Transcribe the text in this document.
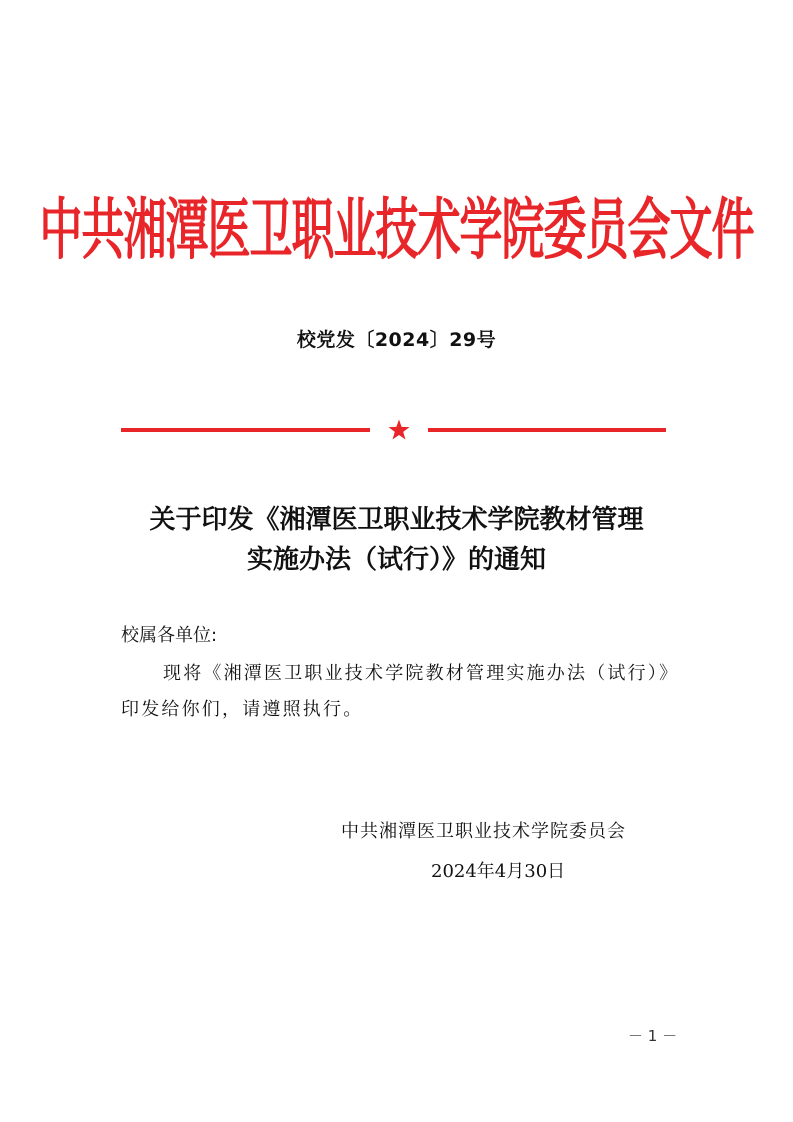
中共湘潭医卫职业技术学院委员会文件
校党发〔2024〕29号
关于印发《湘潭医卫职业技术学院教材管理
实施办法（试行）》的通知

校属各单位:

现将《湘潭医卫职业技术学院教材管理实施办法（试行）》印发给你们，请遵照执行。

中共湘潭医卫职业技术学院委员会
2024年4月30日
－ 1 －
